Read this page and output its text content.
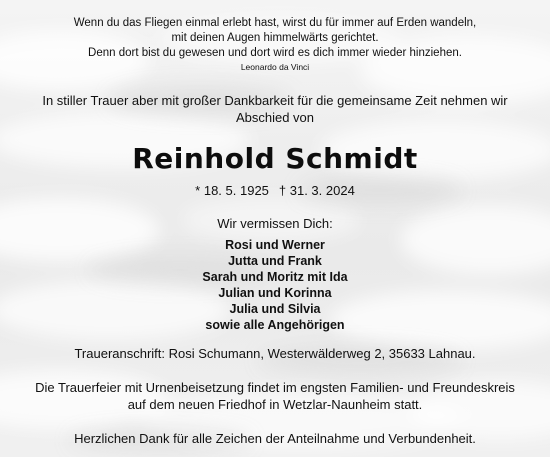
Wenn du das Fliegen einmal erlebt hast, wirst du für immer auf Erden wandeln,
mit deinen Augen himmelwärts gerichtet.
Denn dort bist du gewesen und dort wird es dich immer wieder hinziehen.
Leonardo da Vinci
In stiller Trauer aber mit großer Dankbarkeit für die gemeinsame Zeit nehmen wir
Abschied von
Reinhold Schmidt
* 18. 5. 1925 † 31. 3. 2024
Wir vermissen Dich:
Rosi und Werner
Jutta und Frank
Sarah und Moritz mit Ida
Julian und Korinna
Julia und Silvia
sowie alle Angehörigen
Traueranschrift: Rosi Schumann, Westerwälderweg 2, 35633 Lahnau.
Die Trauerfeier mit Urnenbeisetzung findet im engsten Familien- und Freundeskreis
auf dem neuen Friedhof in Wetzlar-Naunheim statt.
Herzlichen Dank für alle Zeichen der Anteilnahme und Verbundenheit.
